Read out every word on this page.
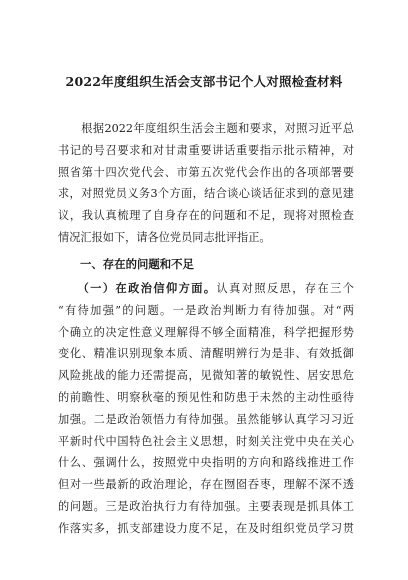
2022年度组织生活会支部书记个人对照检查材料
　　根据2022年度组织生活会主题和要求，对照习近平总
书记的号召要求和对甘肃重要讲话重要指示批示精神，对
照省第十四次党代会、市第五次党代会作出的各项部署要
求，对照党员义务3个方面，结合谈心谈话征求到的意见建
议，我认真梳理了自身存在的问题和不足，现将对照检查
情况汇报如下，请各位党员同志批评指正。
一、存在的问题和不足
　　（一）在政治信仰方面。认真对照反思，存在三个
“有待加强”的问题。一是政治判断力有待加强。对“两
个确立的决定性意义理解得不够全面精准，科学把握形势
变化、精准识别现象本质、清醒明辨行为是非、有效抵御
风险挑战的能力还需提高，见微知著的敏锐性、居安思危
的前瞻性、明察秋毫的预见性和防患于未然的主动性亟待
加强。二是政治领悟力有待加强。虽然能够认真学习习近
平新时代中国特色社会主义思想，时刻关注党中央在关心
什么、强调什么，按照党中央指明的方向和路线推进工作
但对一些最新的政治理论，存在囫囵吞枣，理解不深不透
的问题。三是政治执行力有待加强。主要表现是抓具体工
作落实多，抓支部建设力度不足，在及时组织党员学习贯
